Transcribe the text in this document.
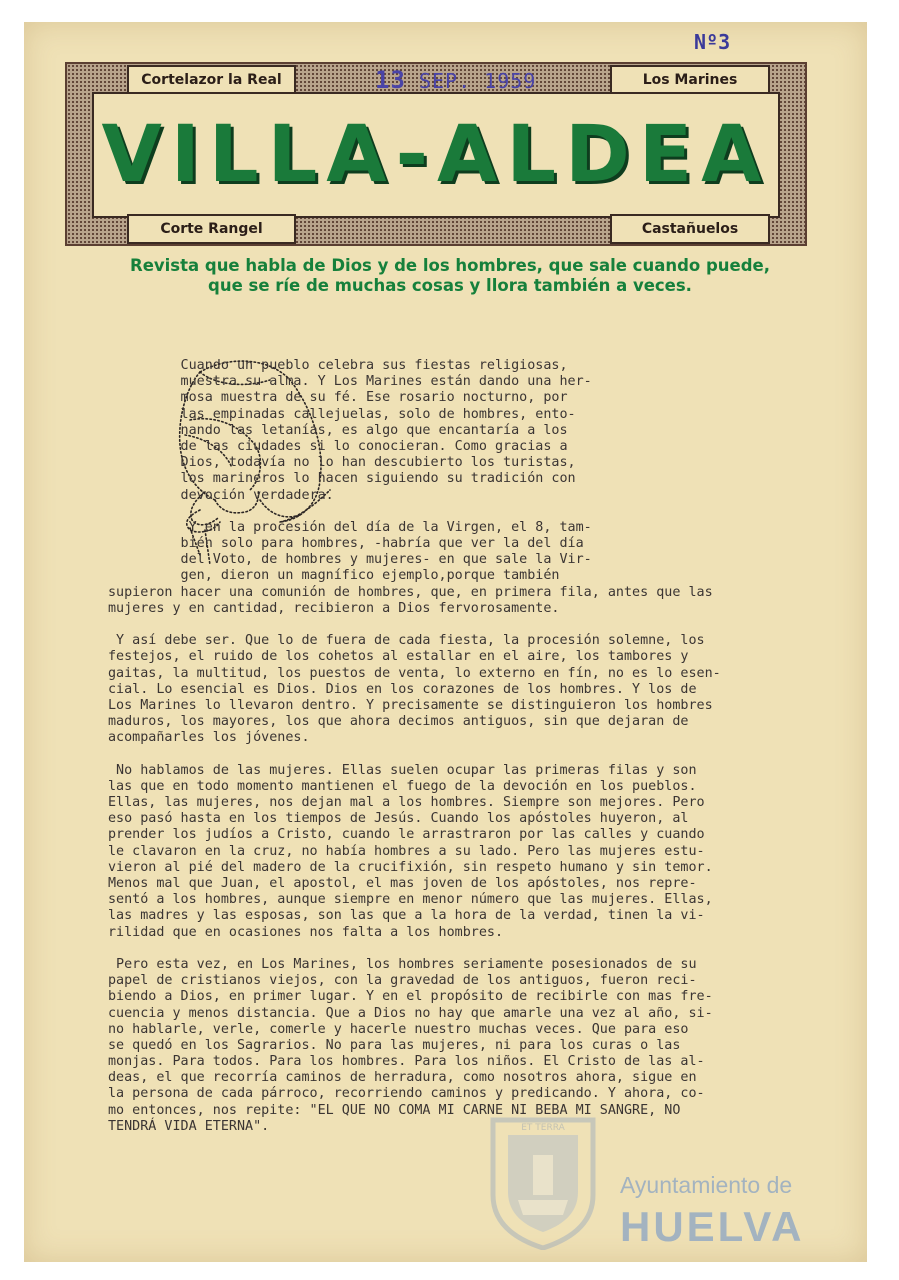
Nº3
Cortelazor la Real	Los Marines
VILLA-ALDEA
Corte Rangel	Castañuelos
13 SEP. 1959
Revista que habla de Dios y de los hombres, que sale cuando puede,
que se ríe de muchas cosas y llora también a veces.
Cuando un pueblo celebra sus fiestas religiosas,
muestra su alma. Y Los Marines están dando una her-
mosa muestra de su fé. Ese rosario nocturno, por
las empinadas callejuelas, solo de hombres, ento-
nando las letanías, es algo que encantaría a los
de las ciudades si lo conocieran. Como gracias a
Dios, todavía no lo han descubierto los turistas,
los marineros lo hacen siguiendo su tradición con
devoción verdadera.
Y en la procesión del día de la Virgen, el 8, tam-
bién solo para hombres, -habría que ver la del día
del Voto, de hombres y mujeres- en que sale la Vir-
gen, dieron un magnífico ejemplo,porque también
supieron hacer una comunión de hombres, que, en primera fila, antes que las
mujeres y en cantidad, recibieron a Dios fervorosamente.
Y así debe ser. Que lo de fuera de cada fiesta, la procesión solemne, los
festejos, el ruido de los cohetos al estallar en el aire, los tambores y
gaitas, la multitud, los puestos de venta, lo externo en fín, no es lo esen-
cial. Lo esencial es Dios. Dios en los corazones de los hombres. Y los de
Los Marines lo llevaron dentro. Y precisamente se distinguieron los hombres
maduros, los mayores, los que ahora decimos antiguos, sin que dejaran de
acompañarles los jóvenes.
No hablamos de las mujeres. Ellas suelen ocupar las primeras filas y son
las que en todo momento mantienen el fuego de la devoción en los pueblos.
Ellas, las mujeres, nos dejan mal a los hombres. Siempre son mejores. Pero
eso pasó hasta en los tiempos de Jesús. Cuando los apóstoles huyeron, al
prender los judíos a Cristo, cuando le arrastraron por las calles y cuando
le clavaron en la cruz, no había hombres a su lado. Pero las mujeres estu-
vieron al pié del madero de la crucifixión, sin respeto humano y sin temor.
Menos mal que Juan, el apostol, el mas joven de los apóstoles, nos repre-
sentó a los hombres, aunque siempre en menor número que las mujeres. Ellas,
las madres y las esposas, son las que a la hora de la verdad, tinen la vi-
rilidad que en ocasiones nos falta a los hombres.
Pero esta vez, en Los Marines, los hombres seriamente posesionados de su
papel de cristianos viejos, con la gravedad de los antiguos, fueron reci-
biendo a Dios, en primer lugar. Y en el propósito de recibirle con mas fre-
cuencia y menos distancia. Que a Dios no hay que amarle una vez al año, si-
no hablarle, verle, comerle y hacerle nuestro muchas veces. Que para eso
se quedó en los Sagrarios. No para las mujeres, ni para los curas o las
monjas. Para todos. Para los hombres. Para los niños. El Cristo de las al-
deas, el que recorría caminos de herradura, como nosotros ahora, sigue en
la persona de cada párroco, recorriendo caminos y predicando. Y ahora, co-
mo entonces, nos repite: "EL QUE NO COMA MI CARNE NI BEBA MI SANGRE, NO
TENDRÁ VIDA ETERNA".	ET TERRA
Ayuntamiento de
HUELVA
